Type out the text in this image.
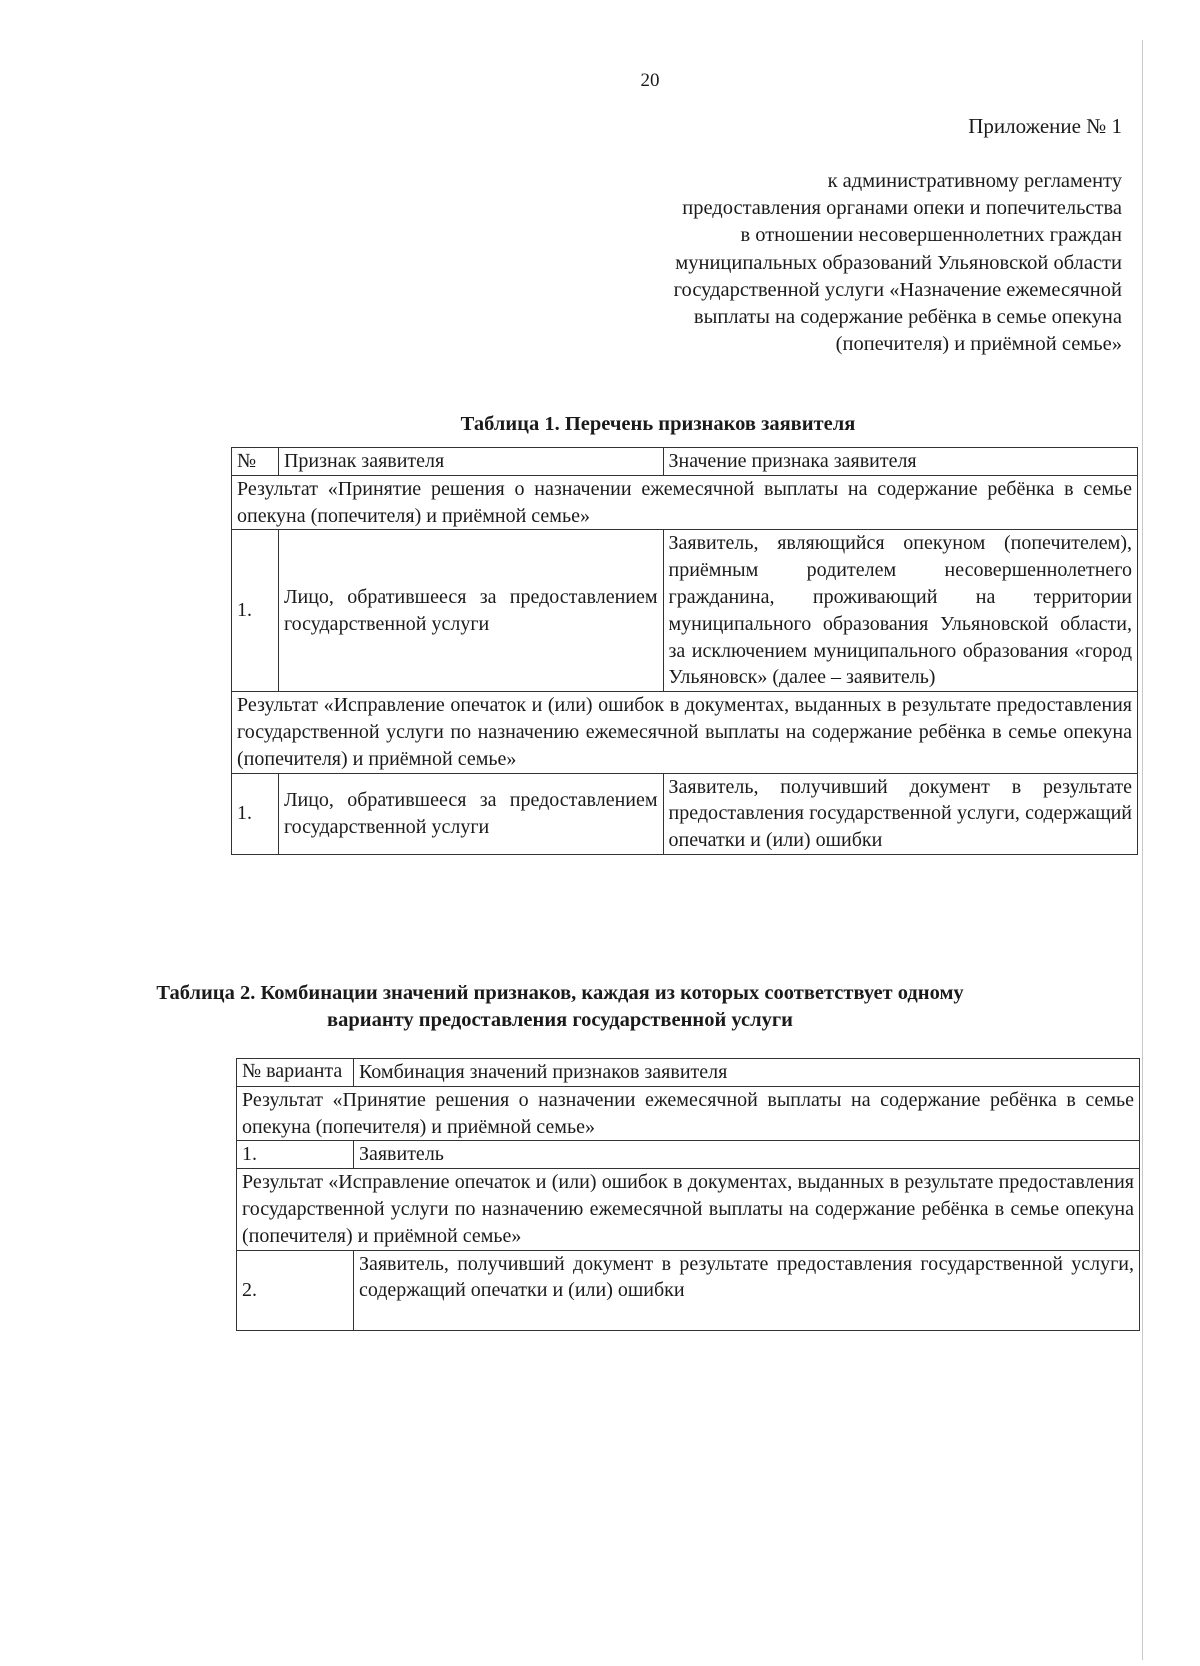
20
Приложение № 1
к административному регламенту
предоставления органами опеки и попечительства
в отношении несовершеннолетних граждан
муниципальных образований Ульяновской области
государственной услуги «Назначение ежемесячной
выплаты на содержание ребёнка в семье опекуна
(попечителя) и приёмной семье»
Таблица 1. Перечень признаков заявителя
№	Признак заявителя	Значение признака заявителя
Результат «Принятие решения о назначении ежемесячной выплаты на содержание ребёнка в семье опекуна (попечителя) и приёмной семье»		
1.	Лицо, обратившееся за предоставлением государственной услуги	Заявитель, являющийся опекуном (попечителем), приёмным родителем несовершеннолетнего гражданина, проживающий на территории муниципального образования Ульяновской области, за исключением муниципального образования «город Ульяновск» (далее – заявитель)
Результат «Исправление опечаток и (или) ошибок в документах, выданных в результате предоставления государственной услуги по назначению ежемесячной выплаты на содержание ребёнка в семье опекуна (попечителя) и приёмной семье»		
1.	Лицо, обратившееся за предоставлением государственной услуги	Заявитель, получивший документ в результате предоставления государственной услуги, содержащий опечатки и (или) ошибки
Таблица 2. Комбинации значений признаков, каждая из которых соответствует одному
варианту предоставления государственной услуги
№ варианта	Комбинация значений признаков заявителя
Результат «Принятие решения о назначении ежемесячной выплаты на содержание ребёнка в семье опекуна (попечителя) и приёмной семье»	
1.	Заявитель
Результат «Исправление опечаток и (или) ошибок в документах, выданных в результате предоставления государственной услуги по назначению ежемесячной выплаты на содержание ребёнка в семье опекуна (попечителя) и приёмной семье»	
2.	Заявитель, получивший документ в результате предоставления государственной услуги, содержащий опечатки и (или) ошибки
